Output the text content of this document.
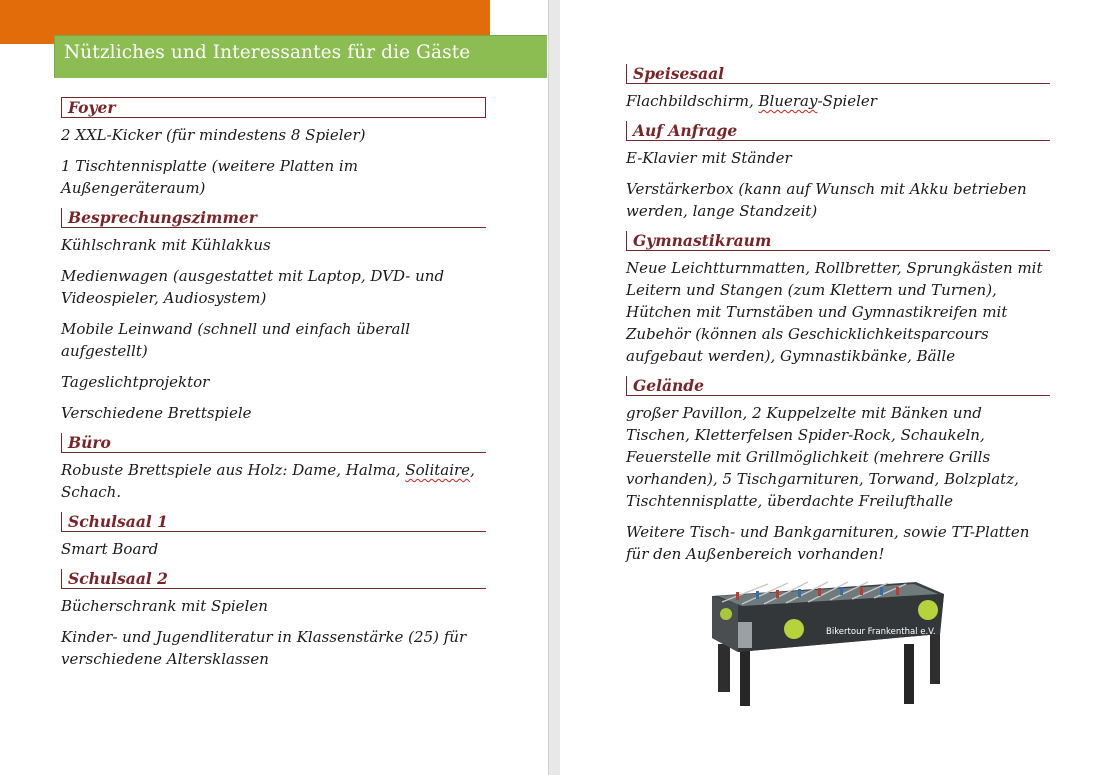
Nützliches und Interessantes für die Gäste
Foyer
2 XXL-Kicker (für mindestens 8 Spieler)
1 Tischtennisplatte (weitere Platten im Außengeräteraum)
Besprechungszimmer
Kühlschrank mit Kühlakkus
Medienwagen (ausgestattet mit Laptop, DVD- und Videospieler, Audiosystem)
Mobile Leinwand (schnell und einfach überall aufgestellt)
Tageslichtprojektor
Verschiedene Brettspiele
Büro
Robuste Brettspiele aus Holz: Dame, Halma, Solitaire, Schach.
Schulsaal 1
Smart Board
Schulsaal 2
Bücherschrank mit Spielen
Kinder- und Jugendliteratur in Klassenstärke (25) für verschiedene Altersklassen
Speisesaal
Flachbildschirm, Blueray-Spieler
Auf Anfrage
E-Klavier mit Ständer
Verstärkerbox (kann auf Wunsch mit Akku betrieben werden, lange Standzeit)
Gymnastikraum
Neue Leichtturnmatten, Rollbretter, Sprungkästen mit Leitern und Stangen (zum Klettern und Turnen), Hütchen mit Turnstäben und Gymnastikreifen mit Zubehör (können als Geschicklichkeitsparcours aufgebaut werden), Gymnastikbänke, Bälle
Gelände
großer Pavillon, 2 Kuppelzelte mit Bänken und Tischen, Kletterfelsen Spider-Rock, Schaukeln, Feuerstelle mit Grillmöglichkeit (mehrere Grills vorhanden), 5 Tischgarnituren, Torwand, Bolzplatz, Tischtennisplatte, überdachte Freilufthalle
Weitere Tisch- und Bankgarnituren, sowie TT-Platten für den Außenbereich vorhanden!
Bikertour Frankenthal e.V.
